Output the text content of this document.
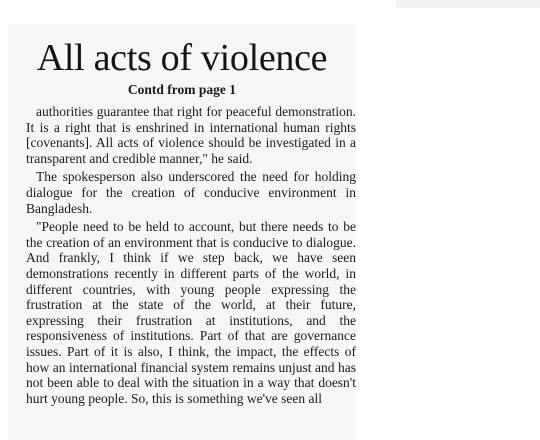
All acts of violence
Contd from page 1

authorities guarantee that right for peaceful demonstration. It is a right that is enshrined in international human rights [covenants]. All acts of violence should be investigated in a transparent and credible manner," he said.

The spokesperson also underscored the need for holding dialogue for the creation of conducive environment in Bangladesh.

"People need to be held to account, but there needs to be the creation of an environment that is conducive to dialogue. And frankly, I think if we step back, we have seen demonstrations recently in different parts of the world, in different countries, with young people expressing the frustration at the state of the world, at their future, expressing their frustration at institutions, and the responsiveness of institutions. Part of that are governance issues. Part of it is also, I think, the impact, the effects of how an international financial system remains unjust and has not been able to deal with the situation in a way that doesn't hurt young people. So, this is something we've seen all
